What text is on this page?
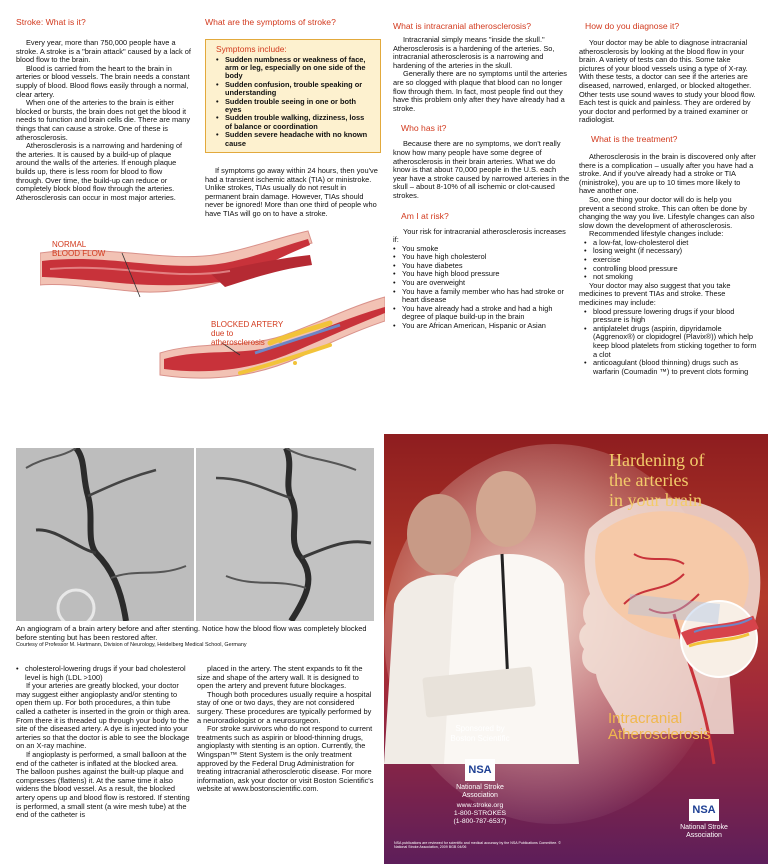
Stroke: What is it?

Every year, more than 750,000 people have a stroke. A stroke is a "brain attack" caused by a lack of blood flow to the brain.

Blood is carried from the heart to the brain in arteries or blood vessels. The brain needs a constant supply of blood. Blood flows easily through a normal, clear artery.

When one of the arteries to the brain is either blocked or bursts, the brain does not get the blood it needs to function and brain cells die. There are many things that can cause a stroke. One of these is atherosclerosis.

Atherosclerosis is a narrowing and hardening of the arteries. It is caused by a build-up of plaque around the walls of the arteries. If enough plaque builds up, there is less room for blood to flow through. Over time, the build-up can reduce or completely block blood flow through the arteries. Atherosclerosis can occur in most major arteries.

What are the symptoms of stroke?
Symptoms include:
• Sudden numbness or weakness of face, arm or leg, especially on one side of the body
• Sudden confusion, trouble speaking or understanding
• Sudden trouble seeing in one or both eyes
• Sudden trouble walking, dizziness, loss of balance or coordination
• Sudden severe headache with no known cause

If symptoms go away within 24 hours, then you've had a transient ischemic attack (TIA) or ministroke. Unlike strokes, TIAs usually do not result in permanent brain damage. However, TIAs should never be ignored! More than one third of people who have TIAs will go on to have a stroke.

NORMAL
BLOOD FLOW
BLOCKED ARTERY
due to
atherosclerosis
What is intracranial atherosclerosis?

Intracranial simply means "inside the skull." Atherosclerosis is a hardening of the arteries. So, intracranial atherosclerosis is a narrowing and hardening of the arteries in the skull.

Generally there are no symptoms until the arteries are so clogged with plaque that blood can no longer flow through them. In fact, most people find out they have this problem only after they have already had a stroke.

Who has it?

Because there are no symptoms, we don't really know how many people have some degree of atherosclerosis in their brain arteries. What we do know is that about 70,000 people in the U.S. each year have a stroke caused by narrowed arteries in the skull – about 8-10% of all ischemic or clot-caused strokes.

Am I at risk?

Your risk for intracranial atherosclerosis increases if:

• You smoke
• You have high cholesterol
• You have diabetes
• You have high blood pressure
• You are overweight
• You have a family member who has had stroke or heart disease
• You have already had a stroke and had a high degree of plaque build-up in the brain
• You are African American, Hispanic or Asian
How do you diagnose it?

Your doctor may be able to diagnose intracranial atherosclerosis by looking at the blood flow in your brain. A variety of tests can do this. Some take pictures of your blood vessels using a type of X-ray. With these tests, a doctor can see if the arteries are diseased, narrowed, enlarged, or blocked altogether. Other tests use sound waves to study your blood flow. Each test is quick and painless. They are ordered by your doctor and performed by a trained examiner or radiologist.

What is the treatment?

Atherosclerosis in the brain is discovered only after there is a complication – usually after you have had a stroke. And if you've already had a stroke or TIA (ministroke), you are up to 10 times more likely to have another one.

So, one thing your doctor will do is help you prevent a second stroke. This can often be done by changing the way you live. Lifestyle changes can also slow down the development of atherosclerosis.

Recommended lifestyle changes include:

• a low-fat, low-cholesterol diet
• losing weight (if necessary)
• exercise
• controlling blood pressure
• not smoking

Your doctor may also suggest that you take medicines to prevent TIAs and stroke. These medicines may include:

• blood pressure lowering drugs if your blood pressure is high
• antiplatelet drugs (aspirin, dipyridamole (Aggrenox®) or clopidogrel (Plavix®)) which help keep blood platelets from sticking together to form a clot
• anticoagulant (blood thinning) drugs such as warfarin (Coumadin ™) to prevent clots forming
An angiogram of a brain artery before and after stenting. Notice how the blood flow was completely blocked before stenting but has been restored after.
Courtesy of Professor M. Hartmann, Division of Neurology, Heidelberg Medical School, Germany
• cholesterol-lowering drugs if your bad cholesterol level is high (LDL >100)

If your arteries are greatly blocked, your doctor may suggest either angioplasty and/or stenting to open them up. For both procedures, a thin tube called a catheter is inserted in the groin or thigh area. From there it is threaded up through your body to the site of the diseased artery. A dye is injected into your arteries so that the doctor is able to see the blockage on an X-ray machine.

If angioplasty is performed, a small balloon at the end of the catheter is inflated at the blocked area. The balloon pushes against the built-up plaque and compresses (flattens) it. At the same time it also widens the blood vessel. As a result, the blocked artery opens up and blood flow is restored. If stenting is performed, a small stent (a wire mesh tube) at the end of the catheter is

placed in the artery. The stent expands to fit the size and shape of the artery wall. It is designed to open the artery and prevent future blockages.

Though both procedures usually require a hospital stay of one or two days, they are not considered surgery. These procedures are typically performed by a neuroradiologist or a neurosurgeon.

For stroke survivors who do not respond to current treatments such as aspirin or blood-thinning drugs, angioplasty with stenting is an option. Currently, the Wingspan™ Stent System is the only treatment approved by the Federal Drug Administration for treating intracranial atherosclerotic disease. For more information, ask your doctor or visit Boston Scientific's website at www.bostonscientific.com.

Hardening of
the arteries
in your brain
Intracranial
Atherosclerosis
Sponsored by
Boston Scientific
NSA
National Stroke
Association
www.stroke.org
1-800-STROKES
(1-800-787-6537)
NSA publications are reviewed for scientific and medical accuracy by the NSA Publications Committee. © National Stroke Association, 2009 BGB 04/06
NSA
National Stroke
Association
